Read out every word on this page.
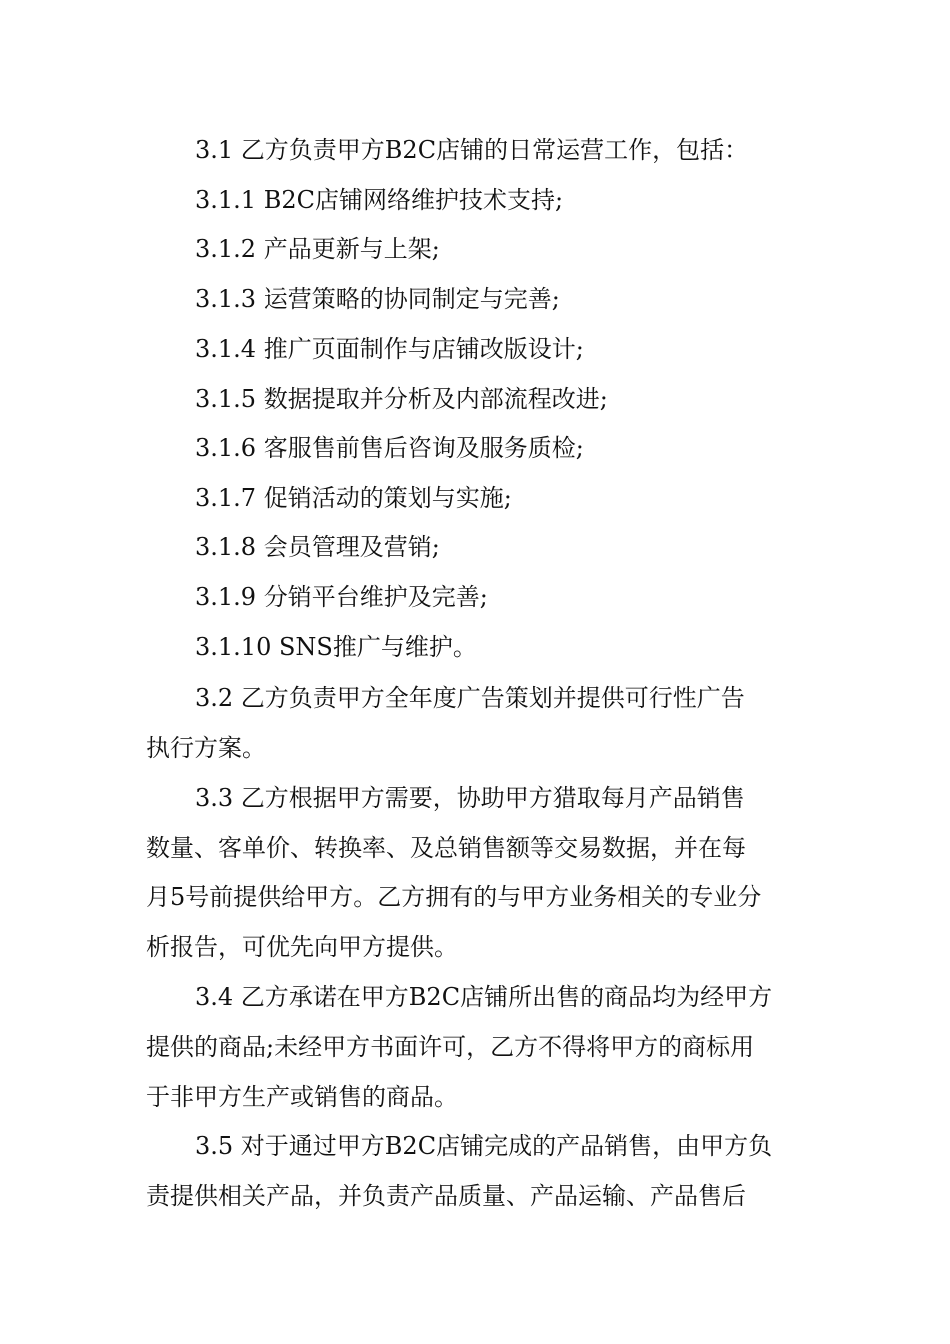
3.1 乙方负责甲方B2C店铺的日常运营工作，包括：
3.1.1 B2C店铺网络维护技术支持;
3.1.2 产品更新与上架;
3.1.3 运营策略的协同制定与完善;
3.1.4 推广页面制作与店铺改版设计;
3.1.5 数据提取并分析及内部流程改进;
3.1.6 客服售前售后咨询及服务质检;
3.1.7 促销活动的策划与实施;
3.1.8 会员管理及营销;
3.1.9 分销平台维护及完善;
3.1.10 SNS推广与维护。
3.2 乙方负责甲方全年度广告策划并提供可行性广告
执行方案。
3.3 乙方根据甲方需要，协助甲方猎取每月产品销售
数量、客单价、转换率、及总销售额等交易数据，并在每
月5号前提供给甲方。乙方拥有的与甲方业务相关的专业分
析报告，可优先向甲方提供。
3.4 乙方承诺在甲方B2C店铺所出售的商品均为经甲方
提供的商品;未经甲方书面许可，乙方不得将甲方的商标用
于非甲方生产或销售的商品。
3.5 对于通过甲方B2C店铺完成的产品销售，由甲方负
责提供相关产品，并负责产品质量、产品运输、产品售后
